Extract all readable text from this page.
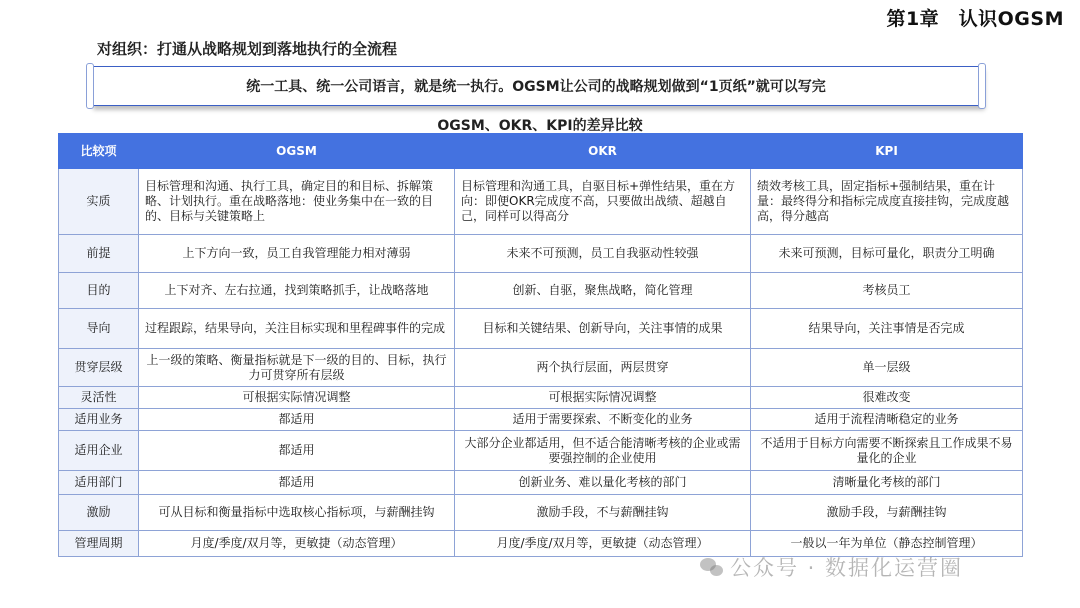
第1章　认识OGSM
对组织：打通从战略规划到落地执行的全流程
统一工具、统一公司语言，就是统一执行。OGSM让公司的战略规划做到“1页纸”就可以写完
OGSM、OKR、KPI的差异比较
比较项	OGSM	OKR	KPI
实质	目标管理和沟通、执行工具，确定目的和目标、拆解策略、计划执行。重在战略落地：使业务集中在一致的目的、目标与关键策略上	目标管理和沟通工具，自驱目标+弹性结果，重在方向：即便OKR完成度不高，只要做出战绩、超越自己，同样可以得高分	绩效考核工具，固定指标+强制结果，重在计量：最终得分和指标完成度直接挂钩，完成度越高，得分越高
前提	上下方向一致，员工自我管理能力相对薄弱	未来不可预测，员工自我驱动性较强	未来可预测，目标可量化，职责分工明确
目的	上下对齐、左右拉通，找到策略抓手，让战略落地	创新、自驱，聚焦战略，简化管理	考核员工
导向	过程跟踪，结果导向，关注目标实现和里程碑事件的完成	目标和关键结果、创新导向，关注事情的成果	结果导向，关注事情是否完成
贯穿层级	上一级的策略、衡量指标就是下一级的目的、目标，执行力可贯穿所有层级	两个执行层面，两层贯穿	单一层级
灵活性	可根据实际情况调整	可根据实际情况调整	很难改变
适用业务	都适用	适用于需要探索、不断变化的业务	适用于流程清晰稳定的业务
适用企业	都适用	大部分企业都适用，但不适合能清晰考核的企业或需要强控制的企业使用	不适用于目标方向需要不断探索且工作成果不易量化的企业
适用部门	都适用	创新业务、难以量化考核的部门	清晰量化考核的部门
激励	可从目标和衡量指标中选取核心指标项，与薪酬挂钩	激励手段，不与薪酬挂钩	激励手段，与薪酬挂钩
管理周期	月度/季度/双月等，更敏捷（动态管理）	月度/季度/双月等，更敏捷（动态管理）	一般以一年为单位（静态控制管理）
公众号 · 数据化运营圈
